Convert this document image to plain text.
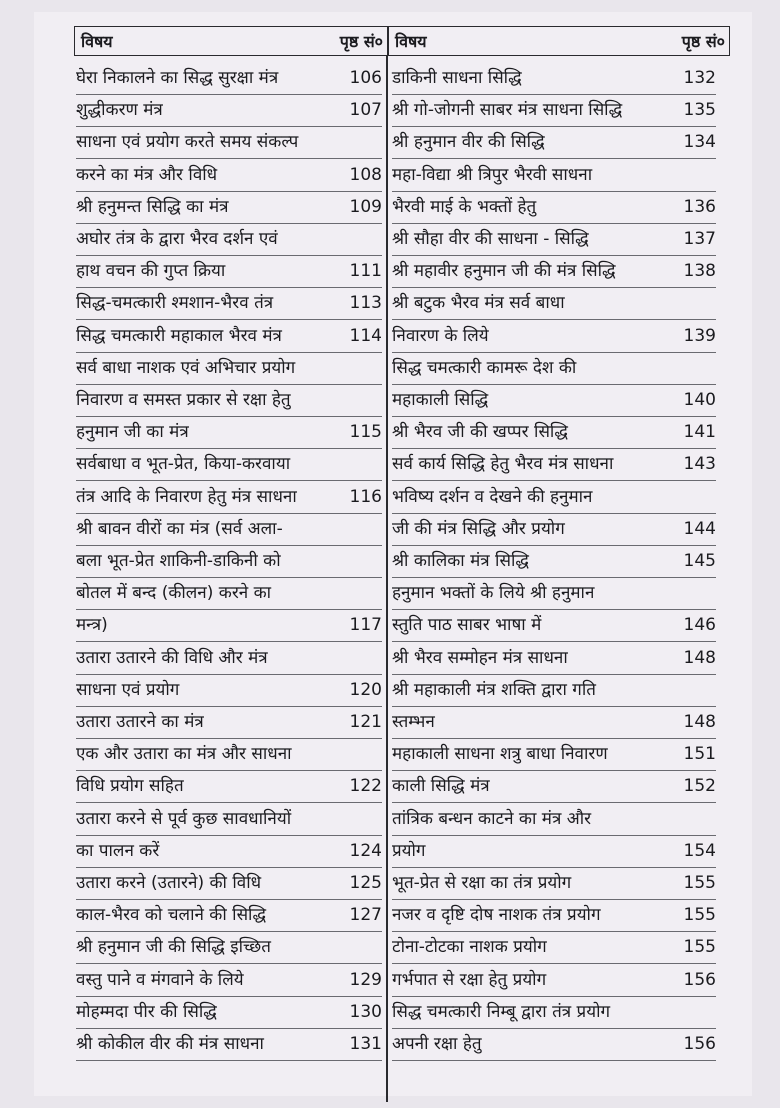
विषय	पृष्ठ सं० विषय	पृष्ठ सं०
घेरा निकालने का सिद्ध सुरक्षा मंत्र	106
शुद्धीकरण मंत्र	107
साधना एवं प्रयोग करते समय संकल्प
करने का मंत्र और विधि	108
श्री हनुमन्त सिद्धि का मंत्र	109
अघोर तंत्र के द्वारा भैरव दर्शन एवं
हाथ वचन की गुप्त क्रिया	111
सिद्ध-चमत्कारी श्मशान-भैरव तंत्र	113
सिद्ध चमत्कारी महाकाल भैरव मंत्र	114
सर्व बाधा नाशक एवं अभिचार प्रयोग
निवारण व समस्त प्रकार से रक्षा हेतु
हनुमान जी का मंत्र	115
सर्वबाधा व भूत-प्रेत, किया-करवाया
तंत्र आदि के निवारण हेतु मंत्र साधना	116
श्री बावन वीरों का मंत्र (सर्व अला-
बला भूत-प्रेत शाकिनी-डाकिनी को
बोतल में बन्द (कीलन) करने का
मन्त्र)	117
उतारा उतारने की विधि और मंत्र
साधना एवं प्रयोग	120
उतारा उतारने का मंत्र	121
एक और उतारा का मंत्र और साधना
विधि प्रयोग सहित	122
उतारा करने से पूर्व कुछ सावधानियों
का पालन करें	124
उतारा करने (उतारने) की विधि	125
काल-भैरव को चलाने की सिद्धि	127
श्री हनुमान जी की सिद्धि इच्छित
वस्तु पाने व मंगवाने के लिये	129
मोहम्मदा पीर की सिद्धि	130
श्री कोकील वीर की मंत्र साधना	131
डाकिनी साधना सिद्धि	132
श्री गो-जोगनी साबर मंत्र साधना सिद्धि	135
श्री हनुमान वीर की सिद्धि	134
महा-विद्या श्री त्रिपुर भैरवी साधना
भैरवी माई के भक्तों हेतु	136
श्री सौहा वीर की साधना - सिद्धि	137
श्री महावीर हनुमान जी की मंत्र सिद्धि	138
श्री बटुक भैरव मंत्र सर्व बाधा
निवारण के लिये	139
सिद्ध चमत्कारी कामरू देश की
महाकाली सिद्धि	140
श्री भैरव जी की खप्पर सिद्धि	141
सर्व कार्य सिद्धि हेतु भैरव मंत्र साधना	143
भविष्य दर्शन व देखने की हनुमान
जी की मंत्र सिद्धि और प्रयोग	144
श्री कालिका मंत्र सिद्धि	145
हनुमान भक्तों के लिये श्री हनुमान
स्तुति पाठ साबर भाषा में	146
श्री भैरव सम्मोहन मंत्र साधना	148
श्री महाकाली मंत्र शक्ति द्वारा गति
स्तम्भन	148
महाकाली साधना शत्रु बाधा निवारण	151
काली सिद्धि मंत्र	152
तांत्रिक बन्धन काटने का मंत्र और
प्रयोग	154
भूत-प्रेत से रक्षा का तंत्र प्रयोग	155
नजर व दृष्टि दोष नाशक तंत्र प्रयोग	155
टोना-टोटका नाशक प्रयोग	155
गर्भपात से रक्षा हेतु प्रयोग	156
सिद्ध चमत्कारी निम्बू द्वारा तंत्र प्रयोग
अपनी रक्षा हेतु	156
